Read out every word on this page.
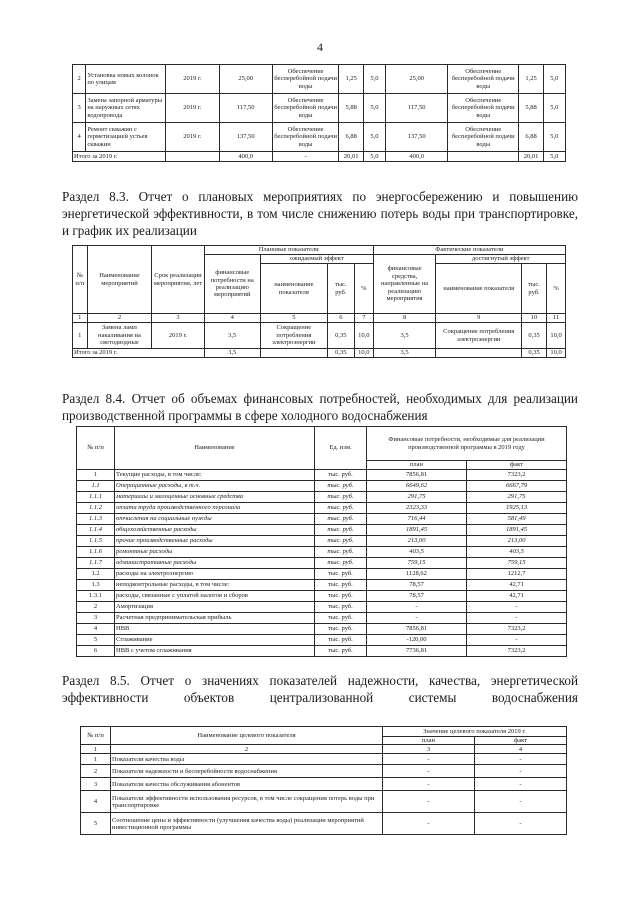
4
2	Установка новых колонок по улицам	2019 г.	25,00	Обеспечение бесперебойной подачи воды	1,25	5,0	25,00	Обеспечение бесперебойной подачи воды	1,25	5,0
3	Замена запорной арматуры на наружных сетях водопровода	2019 г.	117,50	Обеспечение бесперебойной подачи воды	5,88	5,0	117,50	Обеспечение бесперебойной подачи воды	5,88	5,0
4	Ремонт скважин с герметизацией устьев скважин	2019 г.	137,50	Обеспечение бесперебойной подачи воды	6,88	5,0	137,50	Обеспечение бесперебойной подачи воды	6,88	5,0
Итого за 2019 г.			400,0	-	20,01	5,0	400,0		20,01	5,0
Раздел 8.3. Отчет о плановых мероприятиях по энергосбережению и повышению энергетической эффективности, в том числе снижению потерь воды при транспортировке, и график их реализации
№ п/п	Наименование мероприятий	Срок реализации мероприятия, лет	Плановые показатели				Фактические показатели			
			финансовые потребности на реализацию мероприятий	ожидаемый эффект			финансовые средства, направленные на реализацию мероприятия	достигнутый эффект		
				наименование показателя	тыс. руб.	%		наименование показателя	тыс. руб.	%
1	2	3	4	5	6	7	8	9	10	11
1	Замена ламп накаливания на светодиодные	2019 г.	3,5	Сокращение потребления электроэнергии	0,35	10,0	3,5	Сокращение потребления электроэнергии	0,35	10,0
Итого за 2019 г.			3,5		0,35	10,0	3,5		0,35	10,0
Раздел 8.4. Отчет об объемах финансовых потребностей, необходимых для реализации производственной программы в сфере холодного водоснабжения
№ п/п	Наименование	Ед. изм.	Финансовые потребности, необходимые для реализации производственной программы в 2019 году	
			план	факт
1	Текущие расходы, в том числе:	тыс. руб.	7856,81	7323,2
1.1	Операционные расходы, в т.ч.	тыс. руб.	6649,62	6667,79
1.1.1	материалы и малоценные основные средства	тыс. руб.	291,75	291,75
1.1.2	оплата труда производственного персонала	тыс. руб.	2323,33	1925,13
1.1.3	отчисления на социальные нужды	тыс. руб.	716,44	581,49
1.1.4	общехозяйственные расходы	тыс. руб.	1891,45	1891,45
1.1.5	прочие производственные расходы	тыс. руб.	213,00	213,00
1.1.6	ремонтные расходы	тыс. руб.	403,5	403,5
1.1.7	административные расходы	тыс. руб.	759,15	759,15
1.2	расходы на электроэнергию	тыс. руб.	1128,62	1212,7
1.3	неподконтрольные расходы, в том числе:	тыс. руб.	78,57	42,71
1.3.1	расходы, связанные с уплатой налогов и сборов	тыс. руб.	78,57	42,71
2	Амортизация	тыс. руб.	-	-
3	Расчетная предпринимательская прибыль	тыс. руб.	-	-
4	НВВ	тыс. руб.	7856,81	7323,2
5	Сглаживание	тыс. руб.	-120,00	-
6	НВВ с учетом сглаживания	тыс. руб.	7736,81	7323,2
Раздел 8.5. Отчет о значениях показателей надежности, качества, энергетической эффективности объектов централизованной системы водоснабжения
№ п/п	Наименование целевого показателя	Значение целевого показателя 2019 г.	
		план	факт
1	2	3	4
1	Показатели качества воды	-	-
2	Показатели надежности и бесперебойности водоснабжения	-	-
3	Показатели качества обслуживания абонентов	-	-
4	Показатели эффективности использования ресурсов, в том числе сокращения потерь воды при транспортировке	-	-
5	Соотношение цены и эффективности (улучшения качества воды) реализации мероприятий инвестиционной программы	-	-
